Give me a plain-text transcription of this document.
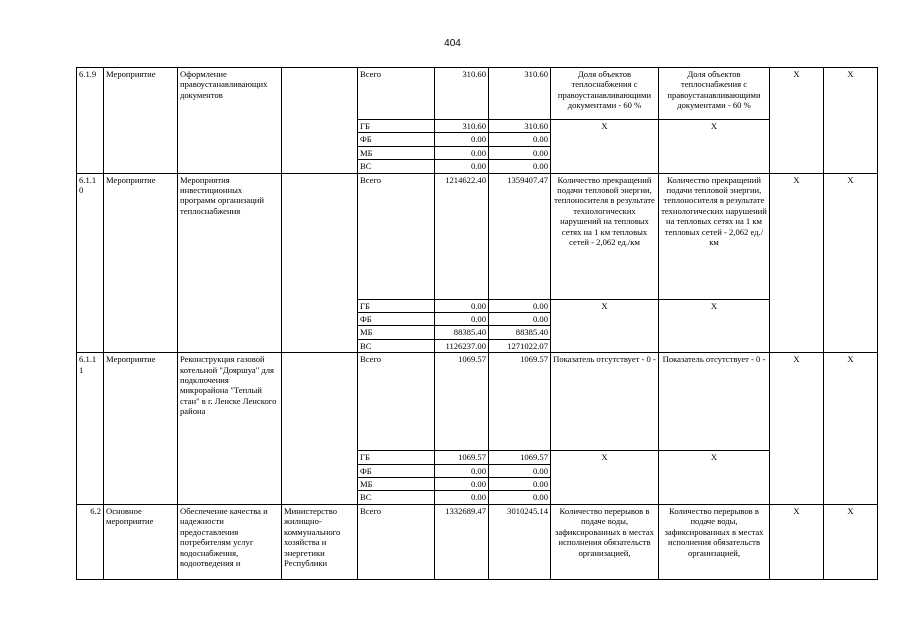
404
6.1.9	Мероприятие	Оформление правоустанавливающих документов		Всего	310.60	310.60	Доля объектов теплоснабжения с правоустанавливающими документами - 60 %	Доля объектов теплоснабжения с правоустанавливающими документами - 60 %	X	X
				ГБ	310.60	310.60	X	X		
				ФБ	0.00	0.00				
				МБ	0.00	0.00				
				ВС	0.00	0.00				
6.1.1 0	Мероприятие	Мероприятия инвестиционных программ организаций теплоснабжения		Всего	1214622.40	1359407.47	Количество прекращений подачи тепловой энергии, теплоносителя в результате технологических нарушений на тепловых сетях на 1 км тепловых сетей - 2,062 ед./км	Количество прекращений подачи тепловой энергии, теплоносителя в результате технологических нарушений на тепловых сетях на 1 км тепловых сетей - 2,062 ед./км	X	X
				ГБ	0.00	0.00	X	X		
				ФБ	0.00	0.00				
				МБ	88385.40	88385.40				
				ВС	1126237.00	1271022.07				
6.1.1 1	Мероприятие	Реконструкция газовой котельной "Дояршуа" для подключения микрорайона "Теплый стан" в г. Ленске Ленского района		Всего	1069.57	1069.57	Показатель отсутствует - 0 -	Показатель отсутствует - 0 -	X	X
				ГБ	1069.57	1069.57	X	X		
				ФБ	0.00	0.00				
				МБ	0.00	0.00				
				ВС	0.00	0.00				
6.2	Основное мероприятие	Обеспечение качества и надежности предоставления потребителям услуг водоснабжения, водоотведения и	Министерство жилищно-коммунального хозяйства и энергетики Республики	Всего	1332689.47	3010245.14	Количество перерывов в подаче воды, зафиксированных в местах исполнения обязательств организацией,	Количество перерывов в подаче воды, зафиксированных в местах исполнения обязательств организацией,	X	X
